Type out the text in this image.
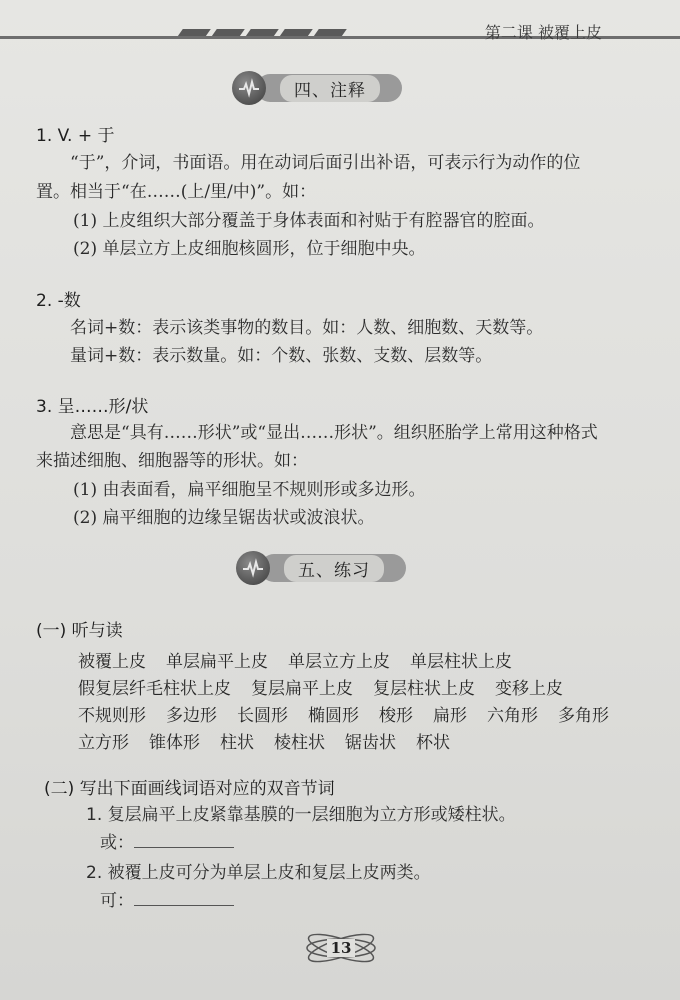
第二课 被覆上皮
四、注释
1. V. + 于
“于”，介词，书面语。用在动词后面引出补语，可表示行为动作的位
置。相当于“在……(上/里/中)”。如：
(1) 上皮组织大部分覆盖于身体表面和衬贴于有腔器官的腔面。
(2) 单层立方上皮细胞核圆形，位于细胞中央。
2. -数
名词+数：表示该类事物的数目。如：人数、细胞数、天数等。
量词+数：表示数量。如：个数、张数、支数、层数等。
3. 呈……形/状
意思是“具有……形状”或“显出……形状”。组织胚胎学上常用这种格式
来描述细胞、细胞器等的形状。如：
(1) 由表面看，扁平细胞呈不规则形或多边形。
(2) 扁平细胞的边缘呈锯齿状或波浪状。
五、练习
(一) 听与读
被覆上皮 单层扁平上皮 单层立方上皮 单层柱状上皮
假复层纤毛柱状上皮 复层扁平上皮 复层柱状上皮 变移上皮
不规则形 多边形 长圆形 椭圆形 梭形 扁形 六角形 多角形
立方形 锥体形 柱状 棱柱状 锯齿状 杯状
(二) 写出下面画线词语对应的双音节词
1. 复层扁平上皮紧靠基膜的一层细胞为立方形或矮柱状。
或：
2. 被覆上皮可分为单层上皮和复层上皮两类。
可：
13
